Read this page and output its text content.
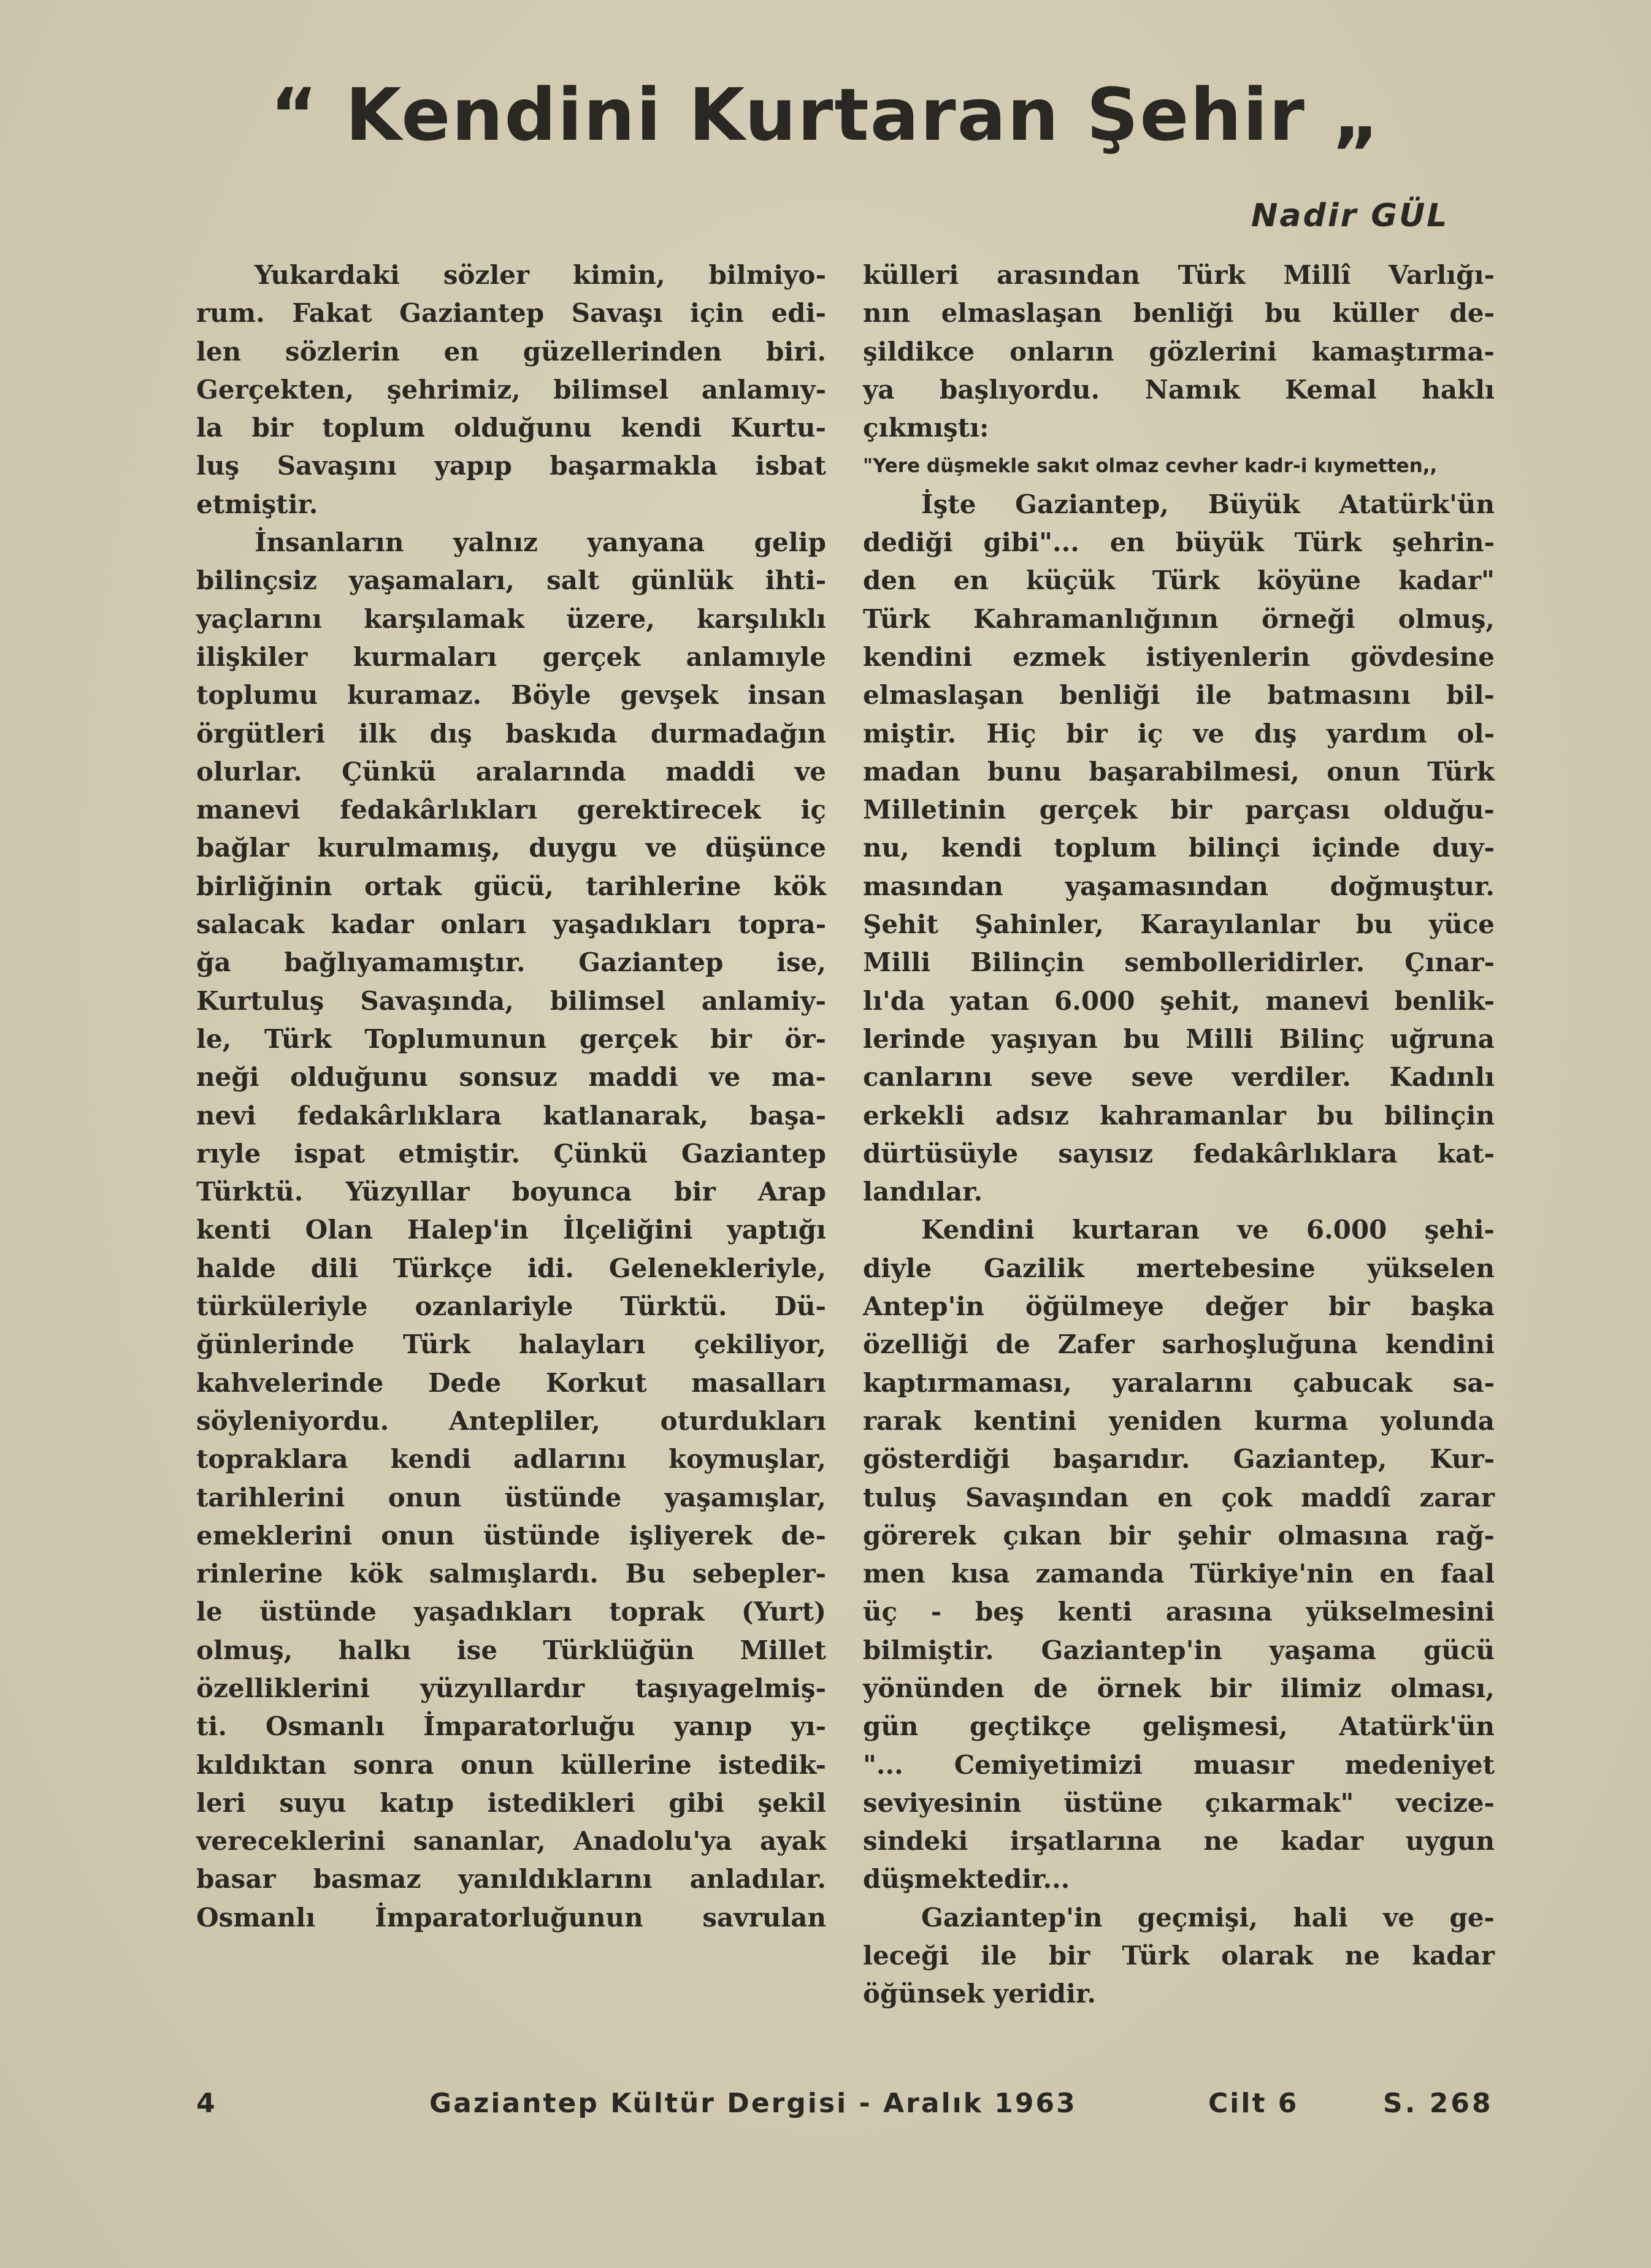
“ Kendini Kurtaran Şehir „
Nadir GÜL
Yukardaki sözler kimin, bilmiyo-
rum. Fakat Gaziantep Savaşı için edi-
len sözlerin en güzellerinden biri.
Gerçekten, şehrimiz, bilimsel anlamıy-
la bir toplum olduğunu kendi Kurtu-
luş Savaşını yapıp başarmakla isbat
etmiştir.
İnsanların yalnız yanyana gelip
bilinçsiz yaşamaları, salt günlük ihti-
yaçlarını karşılamak üzere, karşılıklı
ilişkiler kurmaları gerçek anlamıyle
toplumu kuramaz. Böyle gevşek insan
örgütleri ilk dış baskıda durmadağın
olurlar. Çünkü aralarında maddi ve
manevi fedakârlıkları gerektirecek iç
bağlar kurulmamış, duygu ve düşünce
birliğinin ortak gücü, tarihlerine kök
salacak kadar onları yaşadıkları topra-
ğa bağlıyamamıştır. Gaziantep ise,
Kurtuluş Savaşında, bilimsel anlamiy-
le, Türk Toplumunun gerçek bir ör-
neği olduğunu sonsuz maddi ve ma-
nevi fedakârlıklara katlanarak, başa-
rıyle ispat etmiştir. Çünkü Gaziantep
Türktü. Yüzyıllar boyunca bir Arap
kenti Olan Halep'in İlçeliğini yaptığı
halde dili Türkçe idi. Gelenekleriyle,
türküleriyle ozanlariyle Türktü. Dü-
ğünlerinde Türk halayları çekiliyor,
kahvelerinde Dede Korkut masalları
söyleniyordu. Antepliler, oturdukları
topraklara kendi adlarını koymuşlar,
tarihlerini onun üstünde yaşamışlar,
emeklerini onun üstünde işliyerek de-
rinlerine kök salmışlardı. Bu sebepler-
le üstünde yaşadıkları toprak (Yurt)
olmuş, halkı ise Türklüğün Millet
özelliklerini yüzyıllardır taşıyagelmiş-
ti. Osmanlı İmparatorluğu yanıp yı-
kıldıktan sonra onun küllerine istedik-
leri suyu katıp istedikleri gibi şekil
vereceklerini sananlar, Anadolu'ya ayak
basar basmaz yanıldıklarını anladılar.
Osmanlı İmparatorluğunun savrulan
külleri arasından Türk Millî Varlığı-
nın elmaslaşan benliği bu küller de-
şildikce onların gözlerini kamaştırma-
ya başlıyordu. Namık Kemal haklı
çıkmıştı:
"Yere düşmekle sakıt olmaz cevher kadr-i kıymetten,,
İşte Gaziantep, Büyük Atatürk'ün
dediği gibi"... en büyük Türk şehrin-
den en küçük Türk köyüne kadar"
Türk Kahramanlığının örneği olmuş,
kendini ezmek istiyenlerin gövdesine
elmaslaşan benliği ile batmasını bil-
miştir. Hiç bir iç ve dış yardım ol-
madan bunu başarabilmesi, onun Türk
Milletinin gerçek bir parçası olduğu-
nu, kendi toplum bilinçi içinde duy-
masından yaşamasından doğmuştur.
Şehit Şahinler, Karayılanlar bu yüce
Milli Bilinçin sembolleridirler. Çınar-
lı'da yatan 6.000 şehit, manevi benlik-
lerinde yaşıyan bu Milli Bilinç uğruna
canlarını seve seve verdiler. Kadınlı
erkekli adsız kahramanlar bu bilinçin
dürtüsüyle sayısız fedakârlıklara kat-
landılar.
Kendini kurtaran ve 6.000 şehi-
diyle Gazilik mertebesine yükselen
Antep'in öğülmeye değer bir başka
özelliği de Zafer sarhoşluğuna kendini
kaptırmaması, yaralarını çabucak sa-
rarak kentini yeniden kurma yolunda
gösterdiği başarıdır. Gaziantep, Kur-
tuluş Savaşından en çok maddî zarar
görerek çıkan bir şehir olmasına rağ-
men kısa zamanda Türkiye'nin en faal
üç - beş kenti arasına yükselmesini
bilmiştir. Gaziantep'in yaşama gücü
yönünden de örnek bir ilimiz olması,
gün geçtikçe gelişmesi, Atatürk'ün
"... Cemiyetimizi muasır medeniyet
seviyesinin üstüne çıkarmak" vecize-
sindeki irşatlarına ne kadar uygun
düşmektedir...
Gaziantep'in geçmişi, hali ve ge-
leceği ile bir Türk olarak ne kadar
öğünsek yeridir.
4	Gaziantep Kültür Dergisi - Aralık 1963	Cilt 6	S. 268
